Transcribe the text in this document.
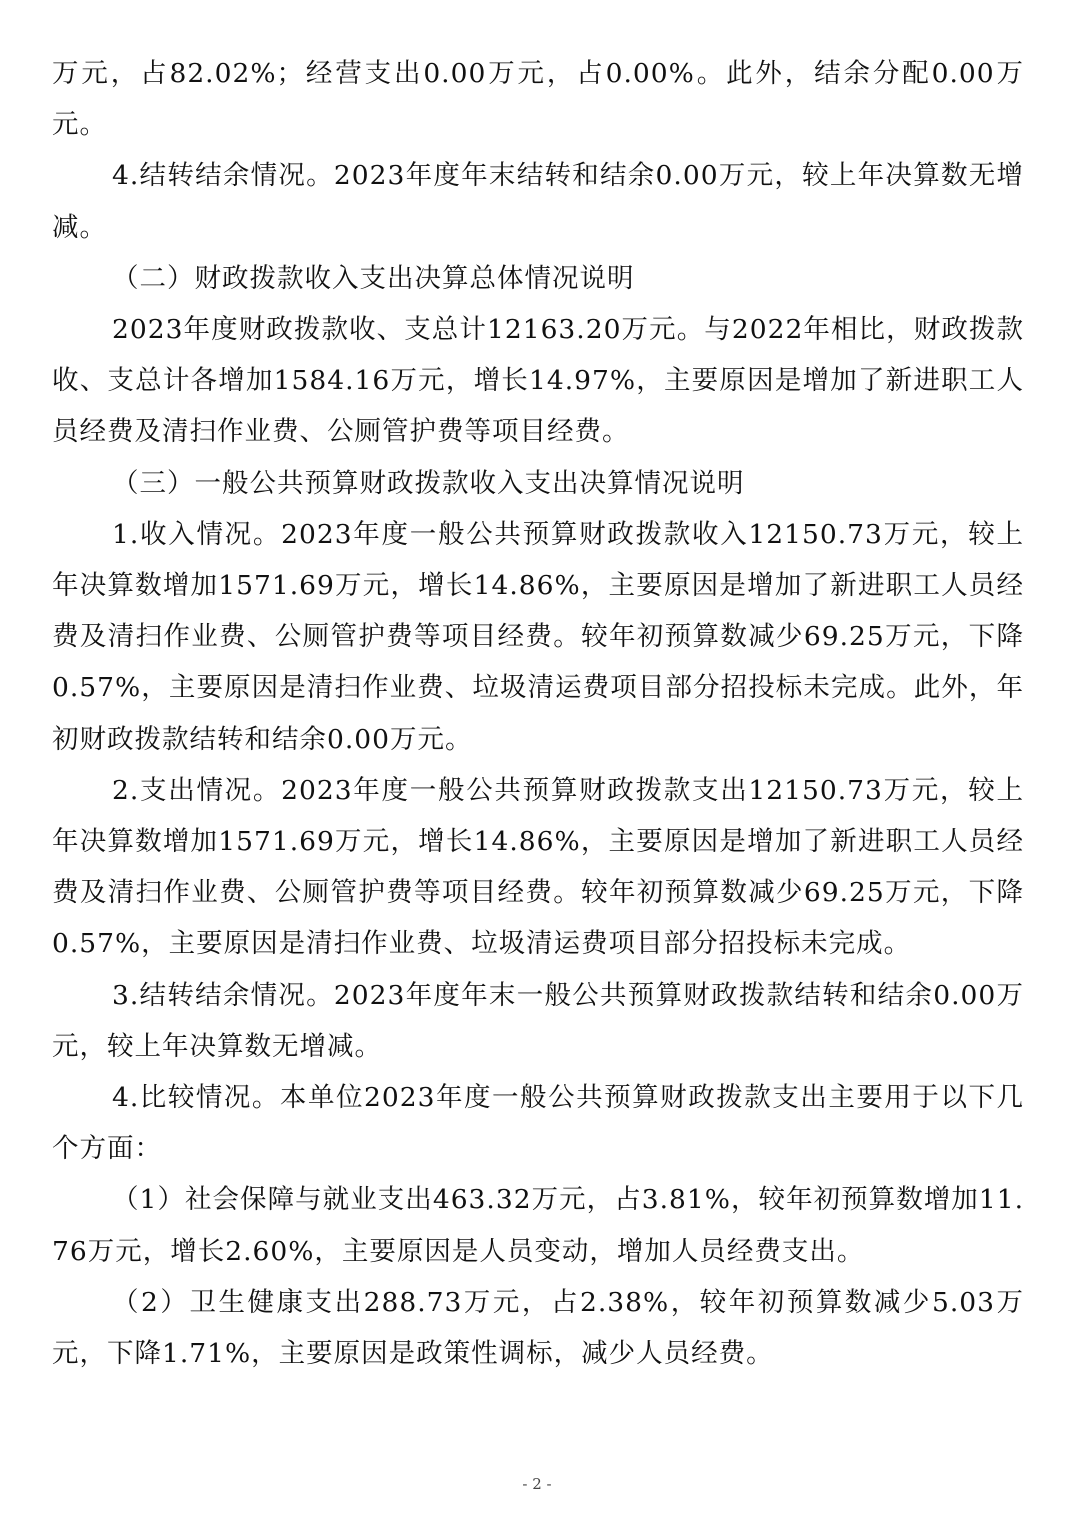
万元，占82.02%；经营支出0.00万元，占0.00%。此外，结余分配0.00万元。

4.结转结余情况。2023年度年末结转和结余0.00万元，较上年决算数无增减。

（二）财政拨款收入支出决算总体情况说明

2023年度财政拨款收、支总计12163.20万元。与2022年相比，财政拨款收、支总计各增加1584.16万元，增长14.97%，主要原因是增加了新进职工人员经费及清扫作业费、公厕管护费等项目经费。

（三）一般公共预算财政拨款收入支出决算情况说明

1.收入情况。2023年度一般公共预算财政拨款收入12150.73万元，较上年决算数增加1571.69万元，增长14.86%，主要原因是增加了新进职工人员经费及清扫作业费、公厕管护费等项目经费。较年初预算数减少69.25万元，下降0.57%，主要原因是清扫作业费、垃圾清运费项目部分招投标未完成。此外，年初财政拨款结转和结余0.00万元。

2.支出情况。2023年度一般公共预算财政拨款支出12150.73万元，较上年决算数增加1571.69万元，增长14.86%，主要原因是增加了新进职工人员经费及清扫作业费、公厕管护费等项目经费。较年初预算数减少69.25万元，下降0.57%，主要原因是清扫作业费、垃圾清运费项目部分招投标未完成。

3.结转结余情况。2023年度年末一般公共预算财政拨款结转和结余0.00万元，较上年决算数无增减。

4.比较情况。本单位2023年度一般公共预算财政拨款支出主要用于以下几个方面：

（1）社会保障与就业支出463.32万元，占3.81%，较年初预算数增加11.76万元，增长2.60%，主要原因是人员变动，增加人员经费支出。

（2）卫生健康支出288.73万元，占2.38%，较年初预算数减少5.03万元，下降1.71%，主要原因是政策性调标，减少人员经费。

- 2 -
